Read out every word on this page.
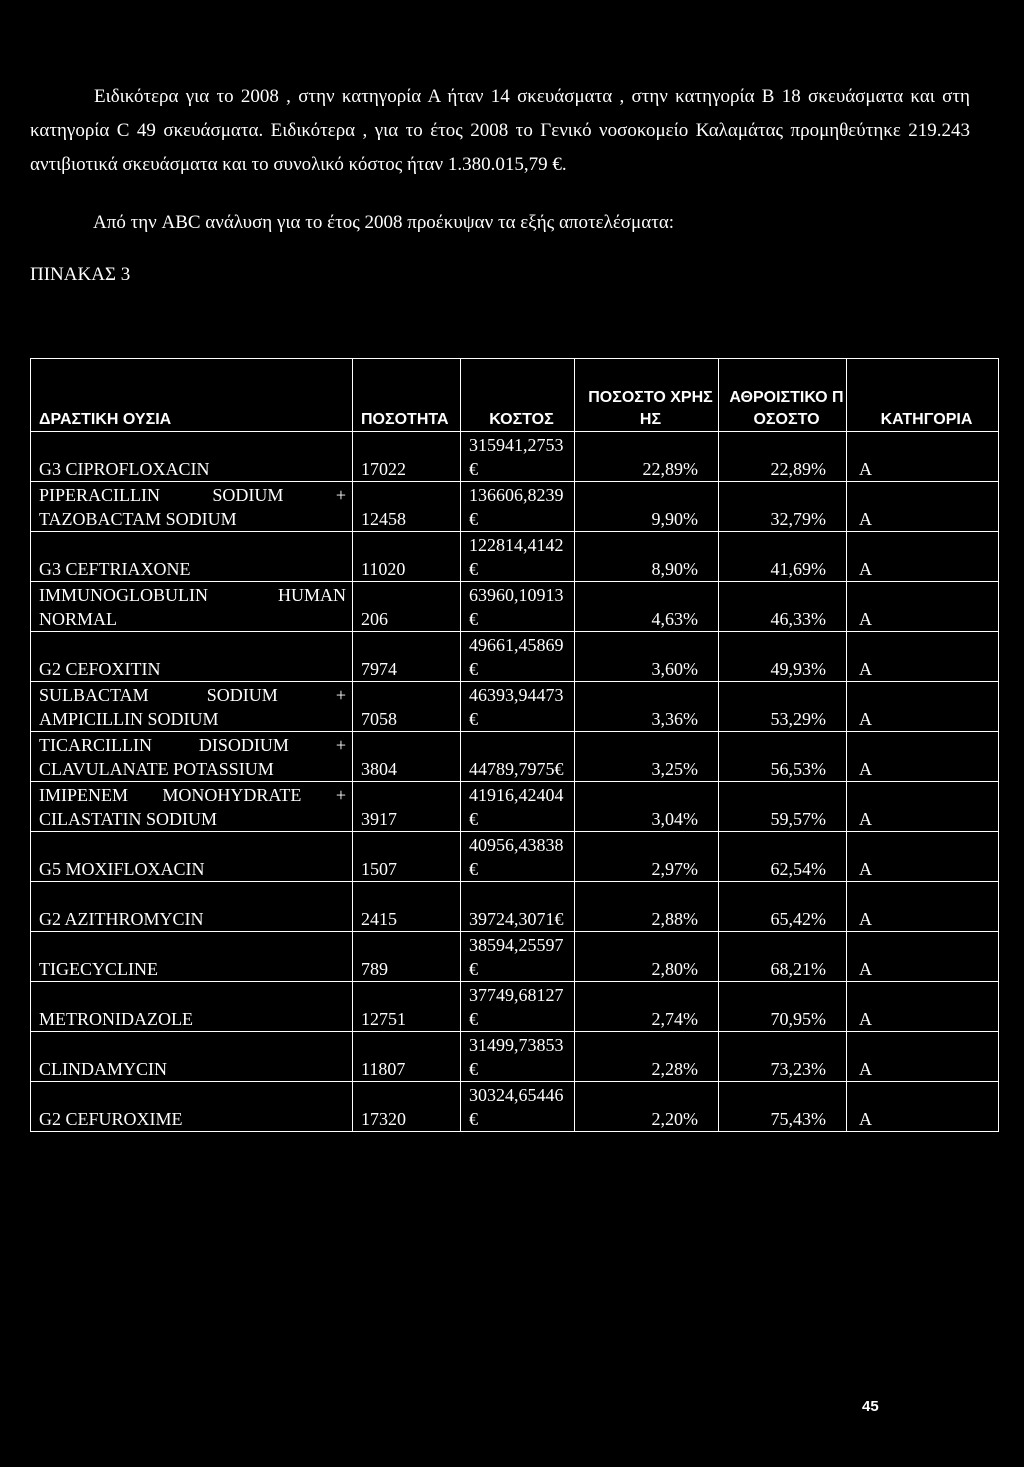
Ειδικότερα για το 2008 , στην κατηγορία Α ήταν 14 σκευάσματα , στην κατηγορία Β 18 σκευάσματα και στη κατηγορία C 49 σκευάσματα. Ειδικότερα , για το έτος 2008 το Γενικό νοσοκομείο Καλαμάτας προμηθεύτηκε 219.243 αντιβιοτικά σκευάσματα και το συνολικό κόστος ήταν 1.380.015,79 €.

Από την ABC ανάλυση για το έτος 2008 προέκυψαν τα εξής αποτελέσματα:

ΠΙΝΑΚΑΣ 3
ΔΡΑΣΤΙΚΗ ΟΥΣΙΑ	ΠΟΣΟΤΗΤΑ	ΚΟΣΤΟΣ	ΠΟΣΟΣΤΟ ΧΡΗΣΗΣ	ΑΘΡΟΙΣΤΙΚΟ ΠΟΣΟΣΤΟ	ΚΑΤΗΓΟΡΙΑ
G3 CIPROFLOXACIN	17022	315941,2753€	22,89%	22,89%	A
PIPERACILLIN SODIUM + TAZOBACTAM SODIUM	12458	136606,8239€	9,90%	32,79%	A
G3 CEFTRIAXONE	11020	122814,4142€	8,90%	41,69%	A
IMMUNOGLOBULIN HUMAN NORMAL	206	63960,10913€	4,63%	46,33%	A
G2 CEFOXITIN	7974	49661,45869€	3,60%	49,93%	A
SULBACTAM SODIUM + AMPICILLIN SODIUM	7058	46393,94473€	3,36%	53,29%	A
TICARCILLIN DISODIUM + CLAVULANATE POTASSIUM	3804	44789,7975€	3,25%	56,53%	A
IMIPENEM MONOHYDRATE + CILASTATIN SODIUM	3917	41916,42404€	3,04%	59,57%	A
G5 MOXIFLOXACIN	1507	40956,43838€	2,97%	62,54%	A
G2 AZITHROMYCIN	2415	39724,3071€	2,88%	65,42%	A
TIGECYCLINE	789	38594,25597€	2,80%	68,21%	A
METRONIDAZOLE	12751	37749,68127€	2,74%	70,95%	A
CLINDAMYCIN	11807	31499,73853€	2,28%	73,23%	A
G2 CEFUROXIME	17320	30324,65446€	2,20%	75,43%	A
45
